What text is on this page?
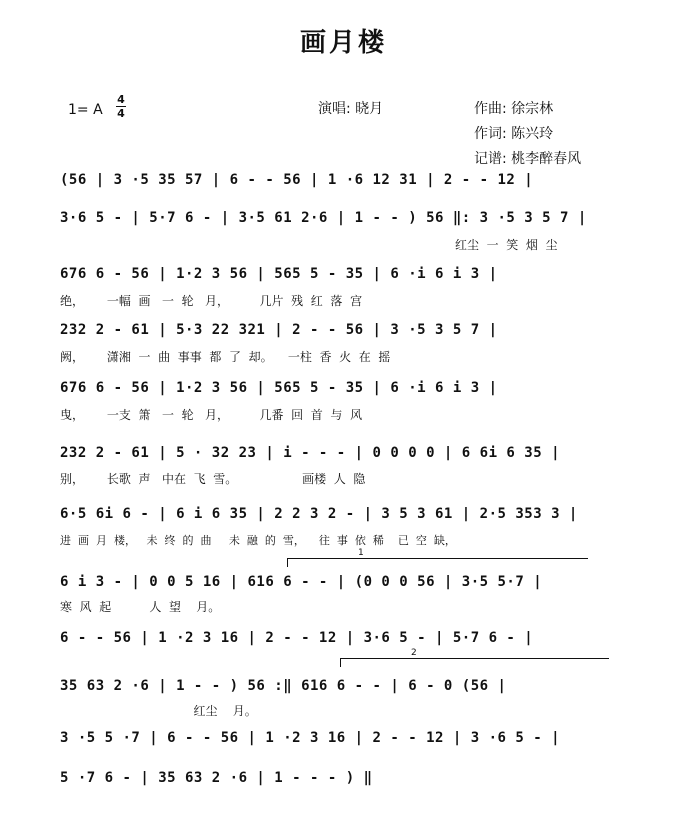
画月楼
1= A
4
4	演唱: 晓月	作曲: 徐宗林
作词: 陈兴玲
记谱: 桃李醉春风
(56 | 3 ·5 35 57 | 6 - - 56 | 1 ·6 12 31 | 2 - - 12 |
3·6 5 - | 5·7 6 - | 3·5 61 2·6 | 1 - - ) 56 ‖: 3 ·5 3 5 7 |
红尘  一  笑  烟  尘
676 6 - 56 | 1·2 3 56 | 565 5 - 35 | 6 ·i 6 i 3 |
绝，      一幅  画   一  轮   月，        几片  残  红  落  宫
232 2 - 61 | 5·3 22 321 | 2 - - 56 | 3 ·5 3 5 7 |
阙，      潇湘  一  曲  事事  都  了  却。    一柱  香  火  在  摇
676 6 - 56 | 1·2 3 56 | 565 5 - 35 | 6 ·i 6 i 3 |
曳，      一支  箫   一  轮   月，        几番  回  首  与  风
232 2 - 61 | 5 · 32 23 | i - - - | 0 0 0 0 | 6 6i 6 35 |
别，      长歌  声   中在  飞  雪。                 画楼  人  隐
6·5 6i 6 - | 6 i 6 35 | 2 2 3 2 - | 3 5 3 61 | 2·5 353 3 |
进  画  月  楼，   未  终  的  曲     未  融  的  雪，    往  事  依  稀    已  空  缺，
1
6 i 3 - | 0 0 5 16 | 616 6 - - | (0 0 0 56 | 3·5 5·7 |
寒  风  起          人  望    月。
6 - - 56 | 1 ·2 3 16 | 2 - - 12 | 3·6 5 - | 5·7 6 - |
2
35 63 2 ·6 | 1 - - ) 56 :‖ 616 6 - - | 6 - 0 (56 |
红尘    月。
3 ·5 5 ·7 | 6 - - 56 | 1 ·2 3 16 | 2 - - 12 | 3 ·6 5 - |
5 ·7 6 - | 35 63 2 ·6 | 1 - - - ) ‖
